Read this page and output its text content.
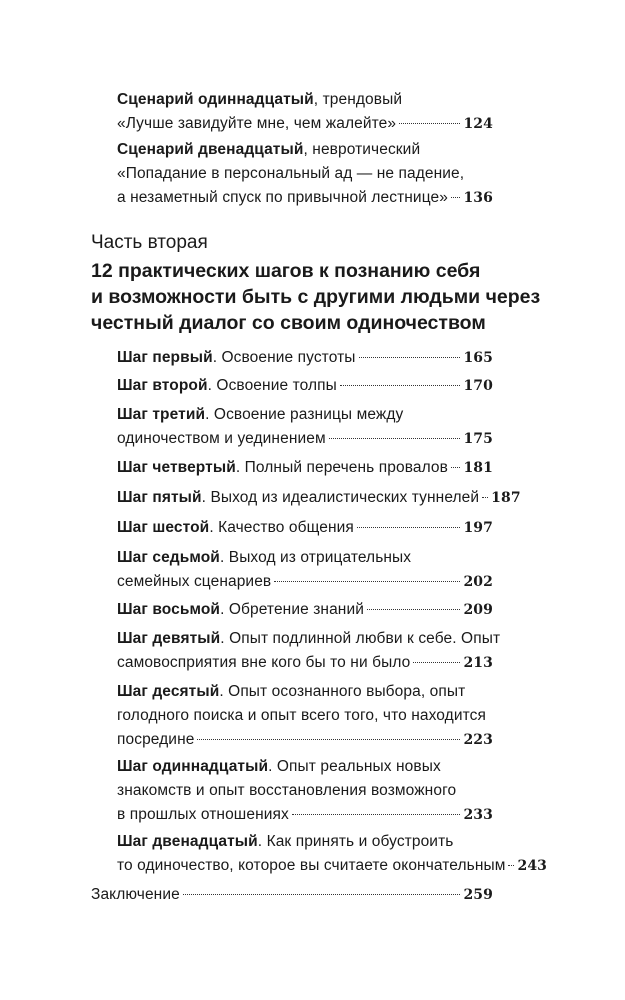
Сценарий одиннадцатый , трендовый
«Лучше завидуйте мне, чем жалейте»	124
Сценарий двенадцатый , невротический
«Попадание в персональный ад — не падение,
а незаметный спуск по привычной лестнице» 136
Часть вторая
12 практических шагов к познанию себя
и возможности быть с другими людьми через
честный диалог со своим одиночеством
Шаг первый . Освоение пустоты	165
Шаг второй . Освоение толпы	170
Шаг третий . Освоение разницы между
одиночеством и уединением	175
Шаг четвертый . Полный перечень провалов 181
Шаг пятый . Выход из идеалистических туннелей 187
Шаг шестой . Качество общения	197
Шаг седьмой . Выход из отрицательных
семейных сценариев	202
Шаг восьмой . Обретение знаний	209
Шаг девятый . Опыт подлинной любви к себе. Опыт
самовосприятия вне кого бы то ни было	213
Шаг десятый . Опыт осознанного выбора, опыт
голодного поиска и опыт всего того, что находится
посредине	223
Шаг одиннадцатый . Опыт реальных новых
знакомств и опыт восстановления возможного
в прошлых отношениях	233
Шаг двенадцатый . Как принять и обустроить
то одиночество, которое вы считаете окончательным 243
Заключение	259
